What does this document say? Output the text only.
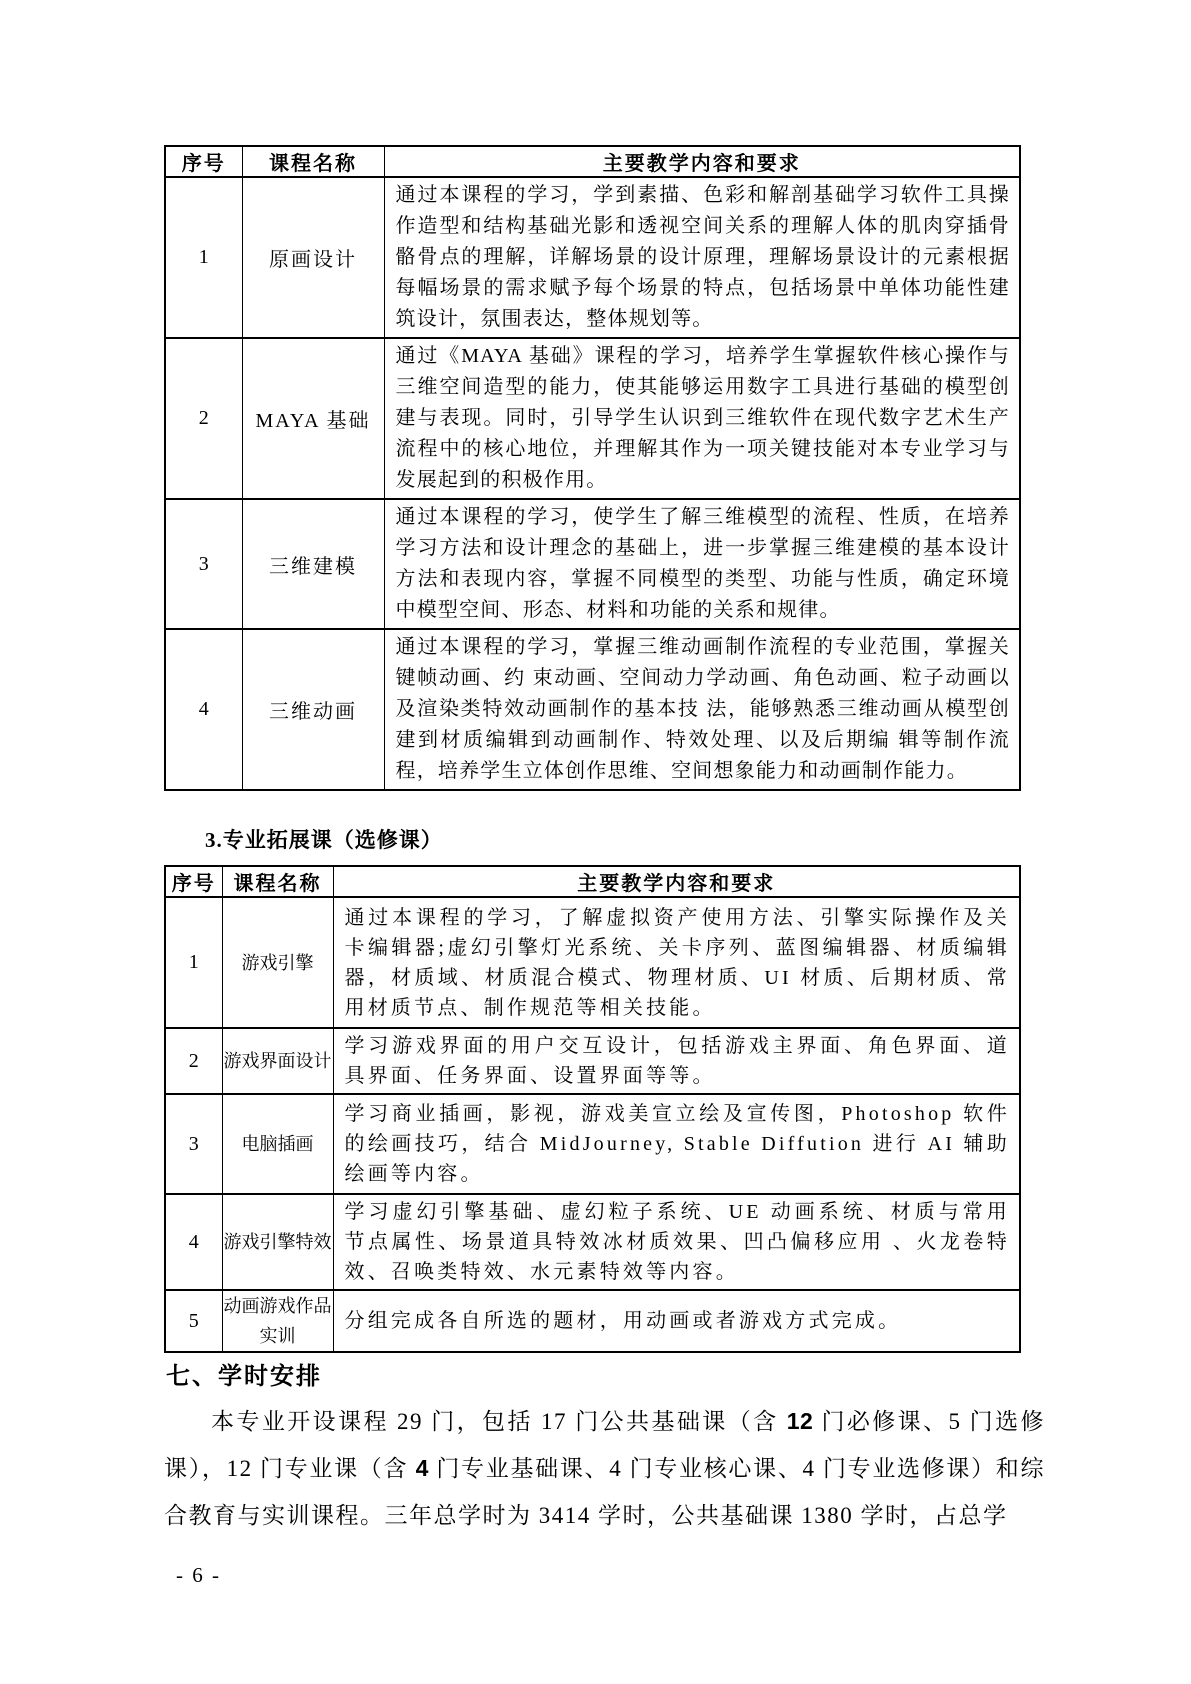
序号	课程名称	主要教学内容和要求
1	原画设计	通过本课程的学习，学到素描、色彩和解剖基础学习软件工具操作造型和结构基础光影和透视空间关系的理解人体的肌肉穿插骨骼骨点的理解，详解场景的设计原理，理解场景设计的元素根据每幅场景的需求赋予每个场景的特点，包括场景中单体功能性建筑设计，氛围表达，整体规划等。
2	MAYA 基础	通过《MAYA 基础》课程的学习，培养学生掌握软件核心操作与三维空间造型的能力，使其能够运用数字工具进行基础的模型创建与表现。同时，引导学生认识到三维软件在现代数字艺术生产流程中的核心地位，并理解其作为一项关键技能对本专业学习与发展起到的积极作用。
3	三维建模	通过本课程的学习，使学生了解三维模型的流程、性质，在培养学习方法和设计理念的基础上，进一步掌握三维建模的基本设计方法和表现内容，掌握不同模型的类型、功能与性质，确定环境中模型空间、形态、材料和功能的关系和规律。
4	三维动画	通过本课程的学习，掌握三维动画制作流程的专业范围，掌握关键帧动画、约 束动画、空间动力学动画、角色动画、粒子动画以及渲染类特效动画制作的基本技 法，能够熟悉三维动画从模型创建到材质编辑到动画制作、特效处理、以及后期编 辑等制作流程，培养学生立体创作思维、空间想象能力和动画制作能力。
3.专业拓展课（选修课）
序号	课程名称	主要教学内容和要求
1	游戏引擎	通过本课程的学习，了解虚拟资产使用方法、引擎实际操作及关卡编辑器;虚幻引擎灯光系统、关卡序列、蓝图编辑器、材质编辑器，材质域、材质混合模式、物理材质、UI 材质、后期材质、常用材质节点、制作规范等相关技能。
2	游戏界面设计	学习游戏界面的用户交互设计，包括游戏主界面、角色界面、道具界面、任务界面、设置界面等等。
3	电脑插画	学习商业插画，影视，游戏美宣立绘及宣传图，Photoshop 软件的绘画技巧，结合 MidJourney, Stable Diffution 进行 AI 辅助绘画等内容。
4	游戏引擎特效	学习虚幻引擎基础、虚幻粒子系统、UE 动画系统、材质与常用节点属性、场景道具特效冰材质效果、凹凸偏移应用 、火龙卷特效、召唤类特效、水元素特效等内容。
5	动画游戏作品实训	分组完成各自所选的题材，用动画或者游戏方式完成。
七、学时安排

本专业开设课程 29 门，包括 17 门公共基础课（含 12 门必修课、5 门选修课），12 门专业课（含 4 门专业基础课、4 门专业核心课、4 门专业选修课）和综合教育与实训课程。三年总学时为 3414 学时，公共基础课 1380 学时，占总学

- 6 -
